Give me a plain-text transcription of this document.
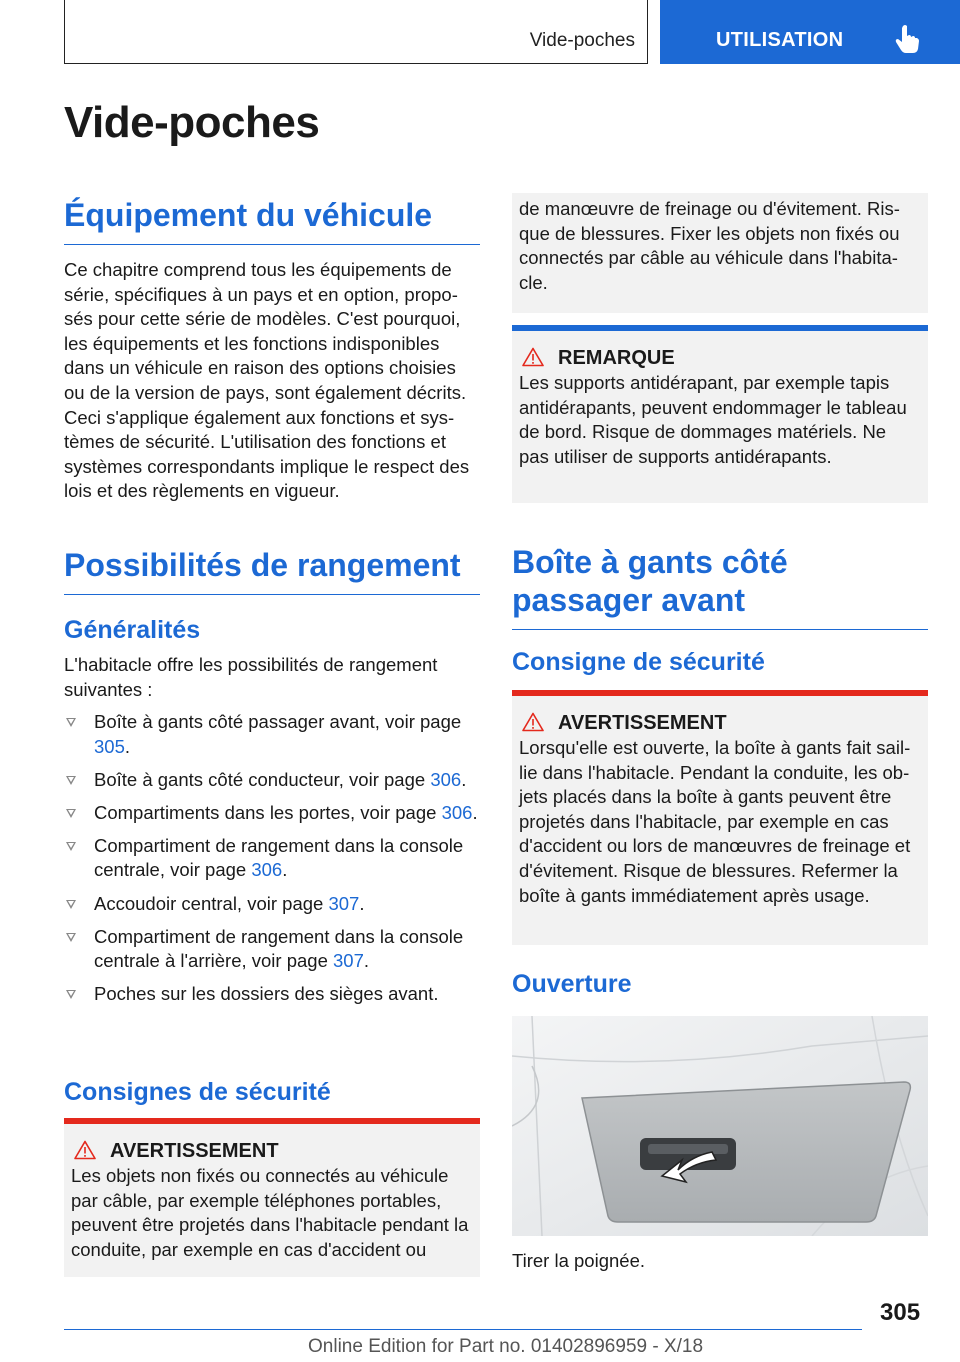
Vide-poches	UTILISATION
Vide-poches
Équipement du véhicule

Ce chapitre comprend tous les équipements de série, spécifiques à un pays et en option, proposés pour cette série de modèles. C'est pourquoi, les équipements et les fonctions indisponibles dans un véhicule en raison des options choisies ou de la version de pays, sont également décrits. Ceci s'applique également aux fonctions et systèmes de sécurité. L'utilisation des fonctions et systèmes correspondants implique le respect des lois et des règlements en vigueur.

Possibilités de rangement
Généralités

L'habitacle offre les possibilités de rangement suivantes :

Boîte à gants côté passager avant, voir page 305.
Boîte à gants côté conducteur, voir page 306.
Compartiments dans les portes, voir page 306.
Compartiment de rangement dans la console centrale, voir page 306.
Accoudoir central, voir page 307.
Compartiment de rangement dans la console centrale à l'arrière, voir page 307.
Poches sur les dossiers des sièges avant.
Consignes de sécurité
AVERTISSEMENT

Les objets non fixés ou connectés au véhicule par câble, par exemple téléphones portables, peuvent être projetés dans l'habitacle pendant la conduite, par exemple en cas d'accident ou

de manœuvre de freinage ou d'évitement. Risque de blessures. Fixer les objets non fixés ou connectés par câble au véhicule dans l'habitacle.

REMARQUE

Les supports antidérapant, par exemple tapis antidérapants, peuvent endommager le tableau de bord. Risque de dommages matériels. Ne pas utiliser de supports antidérapants.

Boîte à gants côté passager avant
Consigne de sécurité
AVERTISSEMENT

Lorsqu'elle est ouverte, la boîte à gants fait saillie dans l'habitacle. Pendant la conduite, les objets placés dans la boîte à gants peuvent être projetés dans l'habitacle, par exemple en cas d'accident ou lors de manœuvres de freinage et d'évitement. Risque de blessures. Refermer la boîte à gants immédiatement après usage.

Ouverture

Tirer la poignée.

305
Online Edition for Part no. 01402896959 - X/18
